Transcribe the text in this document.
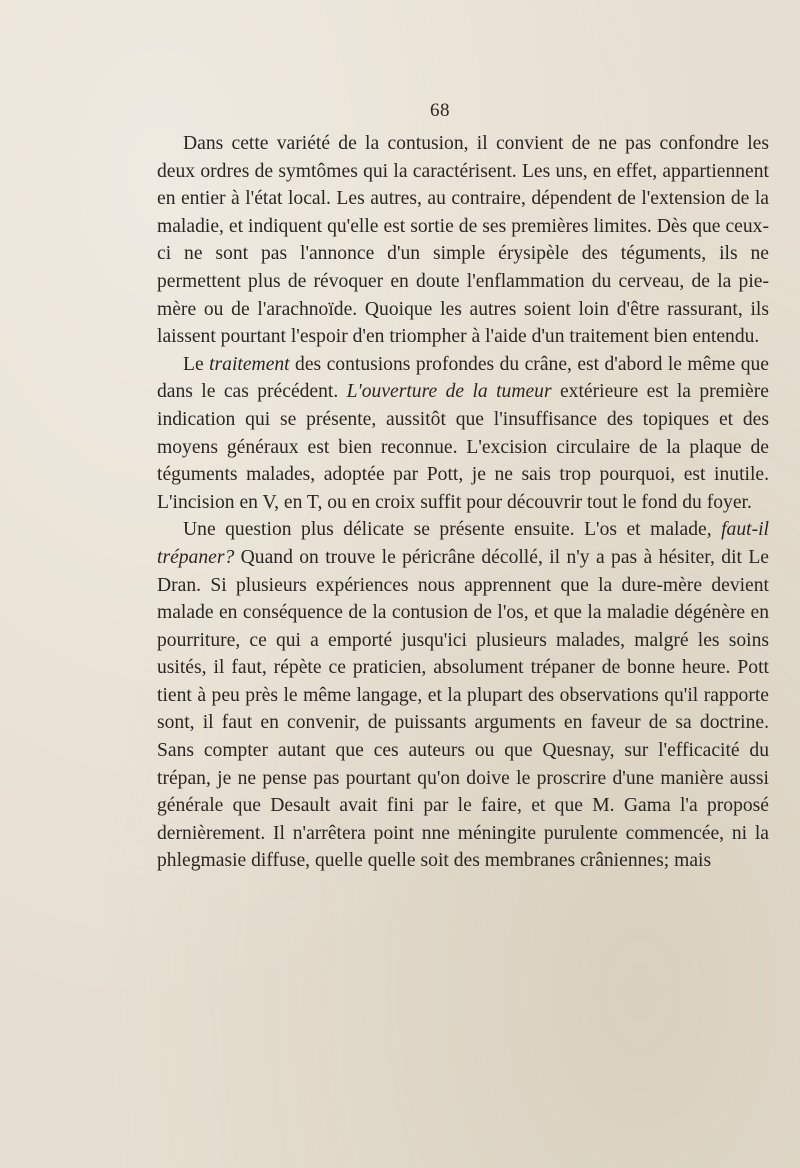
68

Dans cette variété de la contusion, il convient de ne pas confondre les deux ordres de symtômes qui la caractérisent. Les uns, en effet, appartiennent en entier à l'état local. Les autres, au contraire, dépendent de l'extension de la maladie, et indiquent qu'elle est sortie de ses premières limites. Dès que ceux-ci ne sont pas l'annonce d'un simple érysipèle des téguments, ils ne permettent plus de révoquer en doute l'enflammation du cerveau, de la pie-mère ou de l'arachnoïde. Quoique les autres soient loin d'être rassurant, ils laissent pourtant l'espoir d'en triompher à l'aide d'un traitement bien entendu.

Le traitement des contusions profondes du crâne, est d'abord le même que dans le cas précédent. L'ouverture de la tumeur extérieure est la première indication qui se présente, aussitôt que l'insuffisance des topiques et des moyens généraux est bien reconnue. L'excision circulaire de la plaque de téguments malades, adoptée par Pott, je ne sais trop pourquoi, est inutile. L'incision en V, en T, ou en croix suffit pour découvrir tout le fond du foyer.

Une question plus délicate se présente ensuite. L'os et malade, faut-il trépaner? Quand on trouve le péricrâne décollé, il n'y a pas à hésiter, dit Le Dran. Si plusieurs expériences nous apprennent que la dure-mère devient malade en conséquence de la contusion de l'os, et que la maladie dégénère en pourriture, ce qui a emporté jusqu'ici plusieurs malades, malgré les soins usités, il faut, répète ce praticien, absolument trépaner de bonne heure. Pott tient à peu près le même langage, et la plupart des observations qu'il rapporte sont, il faut en convenir, de puissants arguments en faveur de sa doctrine. Sans compter autant que ces auteurs ou que Quesnay, sur l'efficacité du trépan, je ne pense pas pourtant qu'on doive le proscrire d'une manière aussi générale que Desault avait fini par le faire, et que M. Gama l'a proposé dernièrement. Il n'arrêtera point nne méningite purulente commencée, ni la phlegmasie diffuse, quelle quelle soit des membranes crâniennes; mais
